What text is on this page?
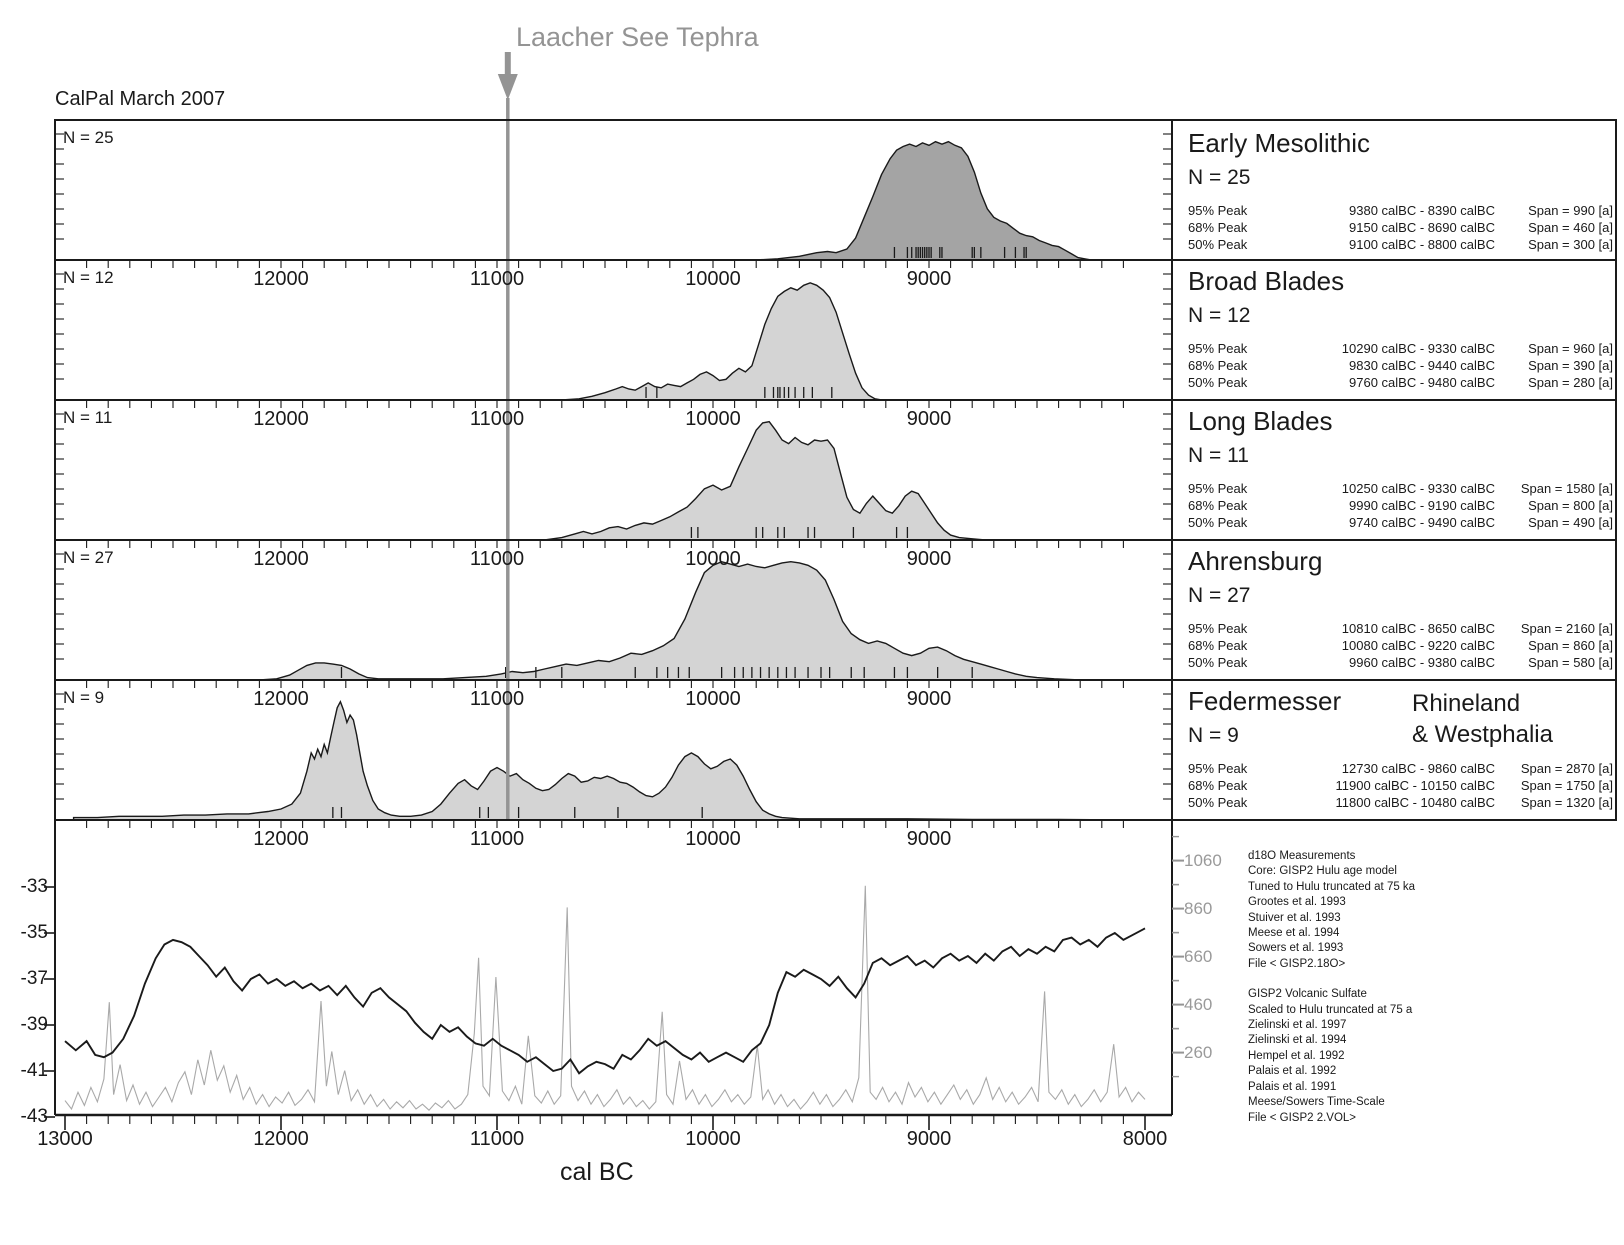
CalPal March 2007
Laacher See Tephra
N = 25
N = 12
N = 11
N = 27
N = 9
Early Mesolithic
N = 25
95% Peak	9380 calBC - 8390 calBC	Span = 990 [a]
68% Peak	9150 calBC - 8690 calBC	Span = 460 [a]
50% Peak	9100 calBC - 8800 calBC	Span = 300 [a]
Broad Blades
N = 12
95% Peak	10290 calBC - 9330 calBC	Span = 960 [a]
68% Peak	9830 calBC - 9440 calBC	Span = 390 [a]
50% Peak	9760 calBC - 9480 calBC	Span = 280 [a]
Long Blades
N = 11
95% Peak	10250 calBC - 9330 calBC	Span = 1580 [a]
68% Peak	9990 calBC - 9190 calBC	Span = 800 [a]
50% Peak	9740 calBC - 9490 calBC	Span = 490 [a]
Ahrensburg
N = 27
95% Peak	10810 calBC - 8650 calBC	Span = 2160 [a]
68% Peak	10080 calBC - 9220 calBC	Span = 860 [a]
50% Peak	9960 calBC - 9380 calBC	Span = 580 [a]
Federmesser
N = 9
95% Peak	12730 calBC - 9860 calBC	Span = 2870 [a]
68% Peak	11900 calBC - 10150 calBC	Span = 1750 [a]
50% Peak	11800 calBC - 10480 calBC	Span = 1320 [a]
Rhineland
& Westphalia
d18O Measurements
Core: GISP2 Hulu age model
Tuned to Hulu truncated at 75 ka
Grootes et al. 1993
Stuiver et al. 1993
Meese et al. 1994
Sowers et al. 1993
File < GISP2.18O>
GISP2 Volcanic Sulfate
Scaled to Hulu truncated at 75 a
Zielinski et al. 1997
Zielinski et al. 1994
Hempel et al. 1992
Palais et al. 1992
Palais et al. 1991
Meese/Sowers Time-Scale
File < GISP2 2.VOL>
cal BC
12000	11000	10000	9000
12000	11000	10000	9000
12000	11000	10000	9000
12000	11000	10000	9000
12000	11000	10000	9000
13000	12000	11000	10000	9000	8000
-33
-35
-37
-39
-41
-43
1060
860
660
460
260
